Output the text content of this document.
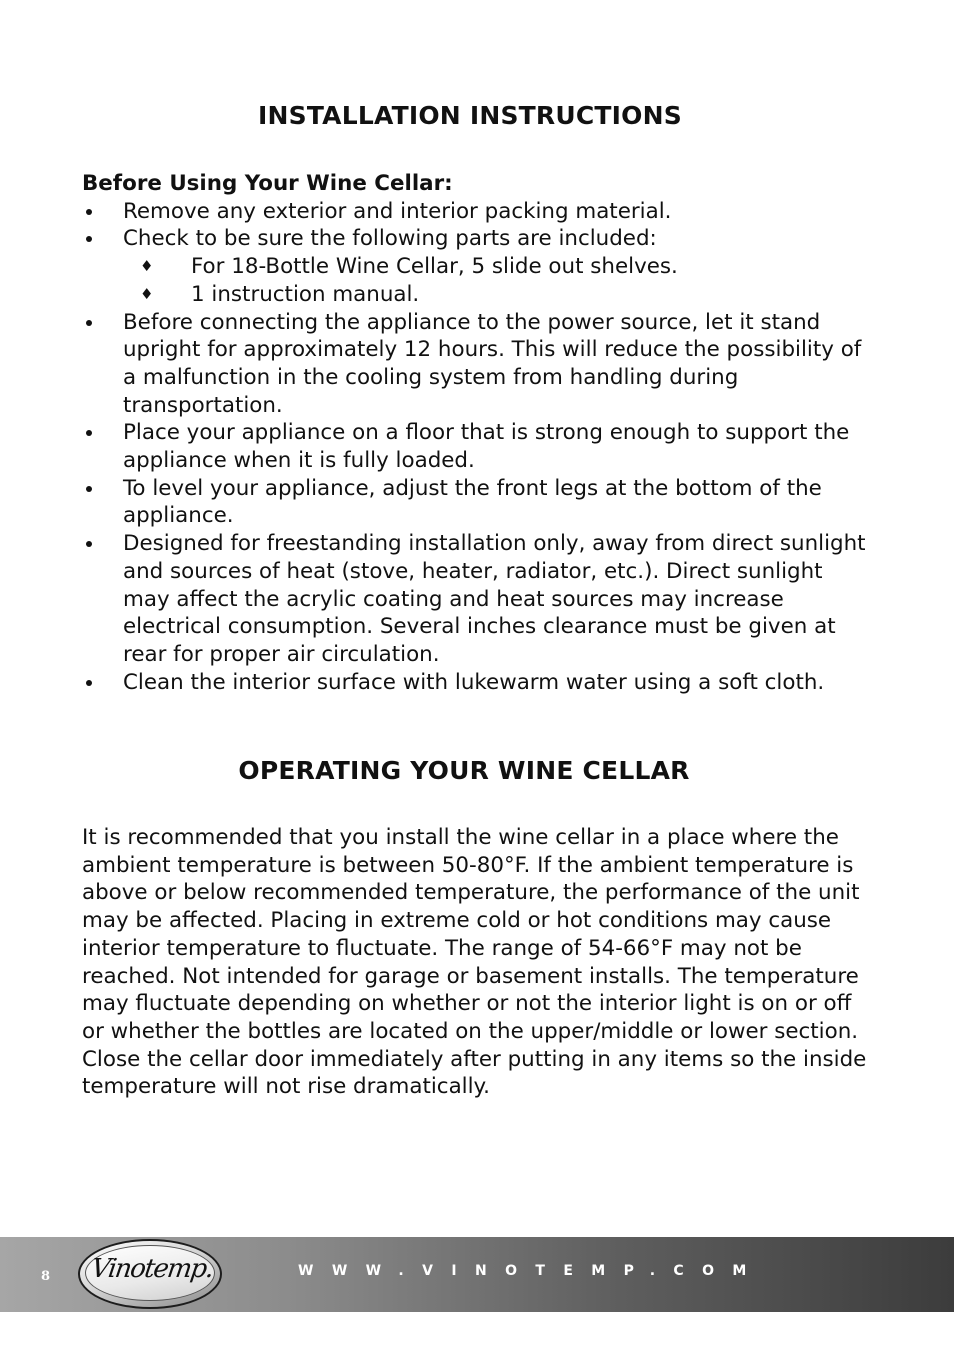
INSTALLATION INSTRUCTIONS

Before Using Your Wine Cellar:

Remove any exterior and interior packing material.
Check to be sure the following parts are included:
♦ For 18-Bottle Wine Cellar, 5 slide out shelves.
♦ 1 instruction manual.
Before connecting the appliance to the power source, let it stand upright for approximately 12 hours. This will reduce the possibility of a malfunction in the cooling system from handling during transportation.
Place your appliance on a floor that is strong enough to support the appliance when it is fully loaded.
To level your appliance, adjust the front legs at the bottom of the appliance.
Designed for freestanding installation only, away from direct sunlight and sources of heat (stove, heater, radiator, etc.). Direct sunlight may affect the acrylic coating and heat sources may increase electrical consumption. Several inches clearance must be given at rear for proper air circulation.
Clean the interior surface with lukewarm water using a soft cloth.
OPERATING YOUR WINE CELLAR

It is recommended that you install the wine cellar in a place where the ambient temperature is between 50-80°F. If the ambient temperature is above or below recommended temperature, the performance of the unit may be affected. Placing in extreme cold or hot conditions may cause interior temperature to fluctuate. The range of 54-66°F may not be reached. Not intended for garage or basement installs. The temperature may fluctuate depending on whether or not the interior light is on or off or whether the bottles are located on the upper/middle or lower section. Close the cellar door immediately after putting in any items so the inside temperature will not rise dramatically.

8 Vinotemp.	WWW.VINOTEMP.COM
